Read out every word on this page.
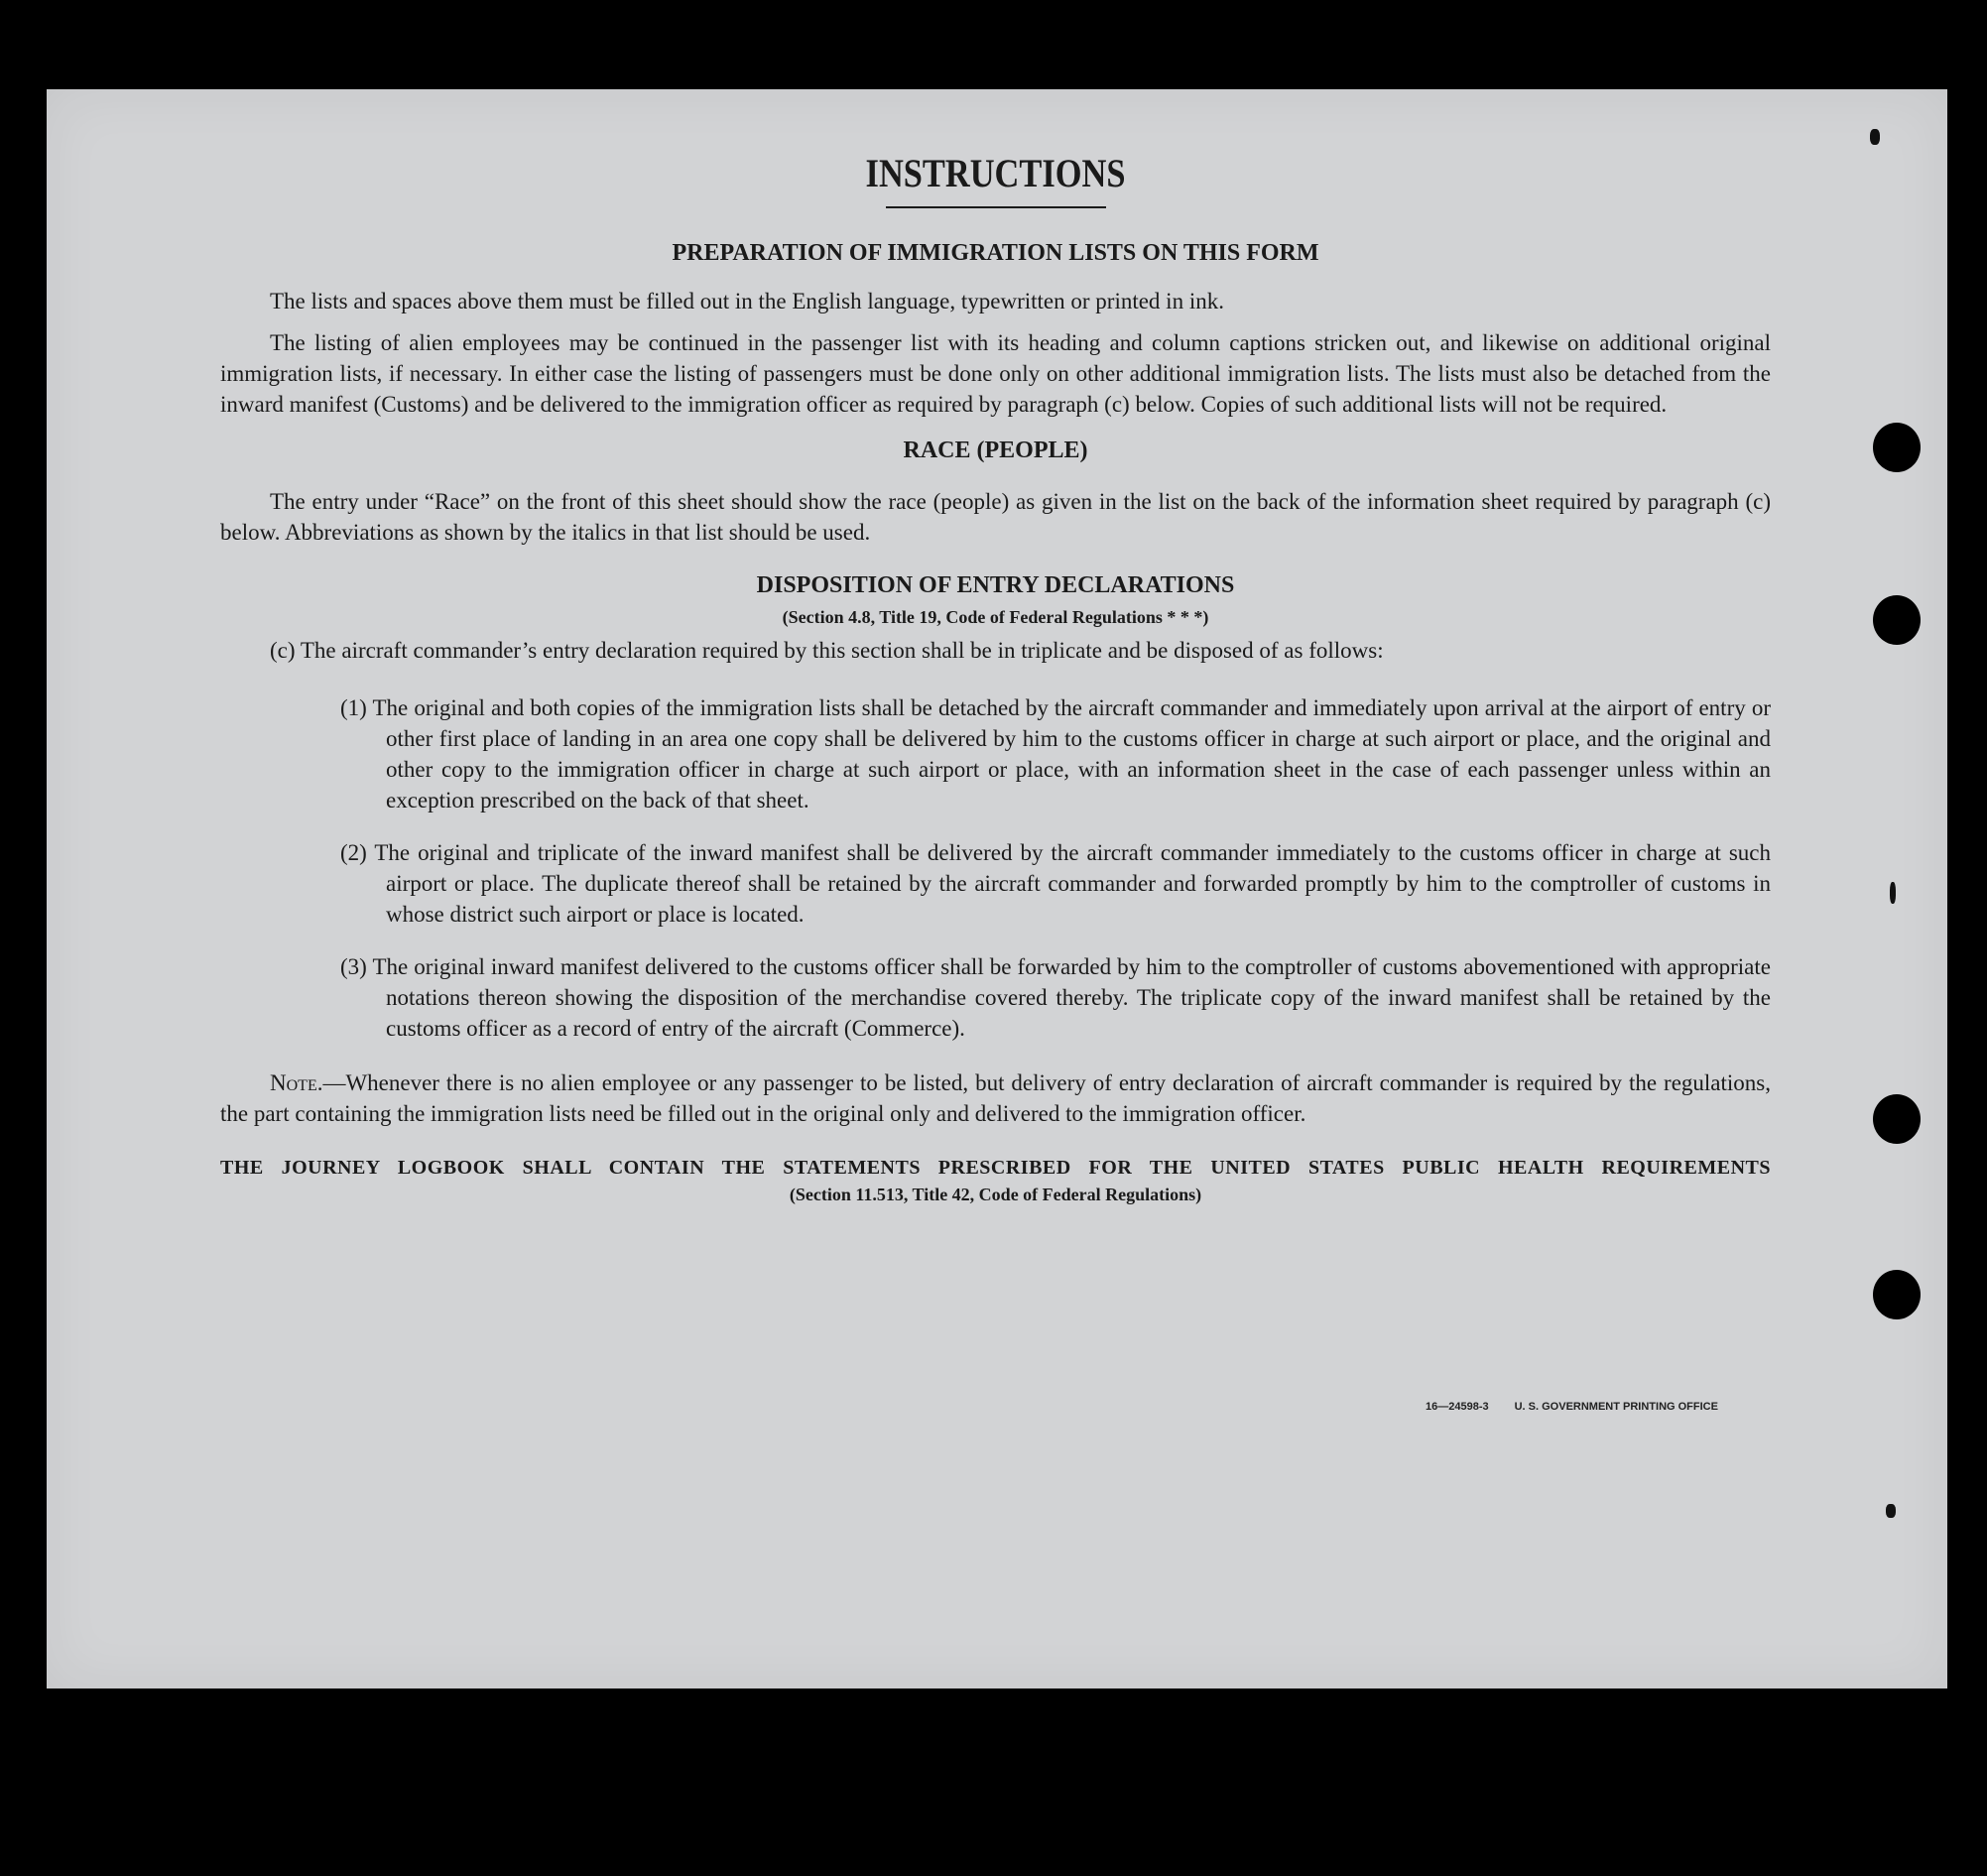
INSTRUCTIONS
PREPARATION OF IMMIGRATION LISTS ON THIS FORM

The lists and spaces above them must be filled out in the English language, typewritten or printed in ink.

The listing of alien employees may be continued in the passenger list with its heading and column captions stricken out, and likewise on additional original immigration lists, if necessary. In either case the listing of passengers must be done only on other additional immigration lists. The lists must also be detached from the inward manifest (Customs) and be delivered to the immigration officer as required by paragraph (c) below. Copies of such additional lists will not be required.

RACE (PEOPLE)

The entry under “Race” on the front of this sheet should show the race (people) as given in the list on the back of the information sheet required by paragraph (c) below. Abbreviations as shown by the italics in that list should be used.

DISPOSITION OF ENTRY DECLARATIONS
(Section 4.8, Title 19, Code of Federal Regulations * * *)

(c) The aircraft commander’s entry declaration required by this section shall be in triplicate and be disposed of as follows:

(1) The original and both copies of the immigration lists shall be detached by the aircraft commander and immediately upon arrival at the airport of entry or other first place of landing in an area one copy shall be delivered by him to the customs officer in charge at such airport or place, and the original and other copy to the immigration officer in charge at such airport or place, with an information sheet in the case of each passenger unless within an exception prescribed on the back of that sheet.

(2) The original and triplicate of the inward manifest shall be delivered by the aircraft commander immediately to the customs officer in charge at such airport or place. The duplicate thereof shall be retained by the aircraft commander and forwarded promptly by him to the comptroller of customs in whose district such airport or place is located.

(3) The original inward manifest delivered to the customs officer shall be forwarded by him to the comptroller of customs abovementioned with appropriate notations thereon showing the disposition of the merchandise covered thereby. The triplicate copy of the inward manifest shall be retained by the customs officer as a record of entry of the aircraft (Commerce).

Note.—Whenever there is no alien employee or any passenger to be listed, but delivery of entry declaration of aircraft commander is required by the regulations, the part containing the immigration lists need be filled out in the original only and delivered to the immigration officer.

THE JOURNEY LOGBOOK SHALL CONTAIN THE STATEMENTS PRESCRIBED FOR THE UNITED STATES PUBLIC HEALTH REQUIREMENTS

(Section 11.513, Title 42, Code of Federal Regulations)
16—24598-3 U. S. GOVERNMENT PRINTING OFFICE
